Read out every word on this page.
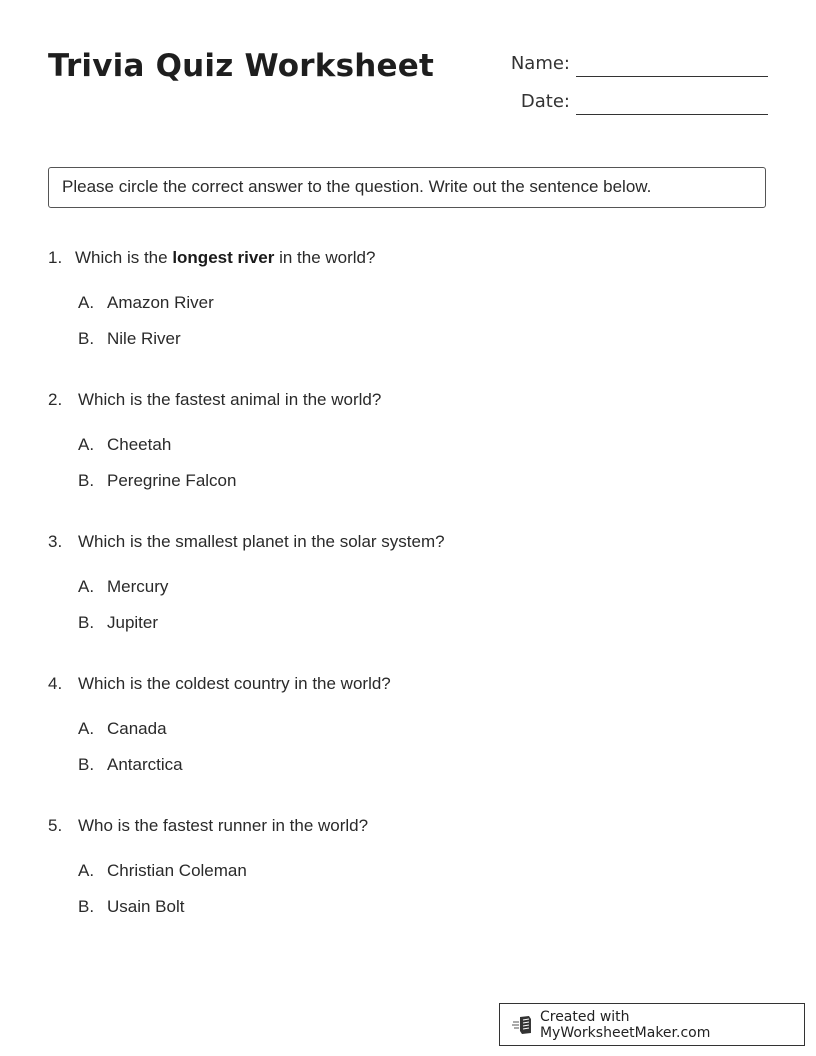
Trivia Quiz Worksheet	Name:
Date:
Please circle the correct answer to the question. Write out the sentence below.
1. Which is the longest river in the world?
A. Amazon River
B. Nile River
2. Which is the fastest animal in the world?
A. Cheetah
B. Peregrine Falcon
3. Which is the smallest planet in the solar system?
A. Mercury
B. Jupiter
4. Which is the coldest country in the world?
A. Canada
B. Antarctica
5. Who is the fastest runner in the world?
A. Christian Coleman
B. Usain Bolt
Created with MyWorksheetMaker.com
